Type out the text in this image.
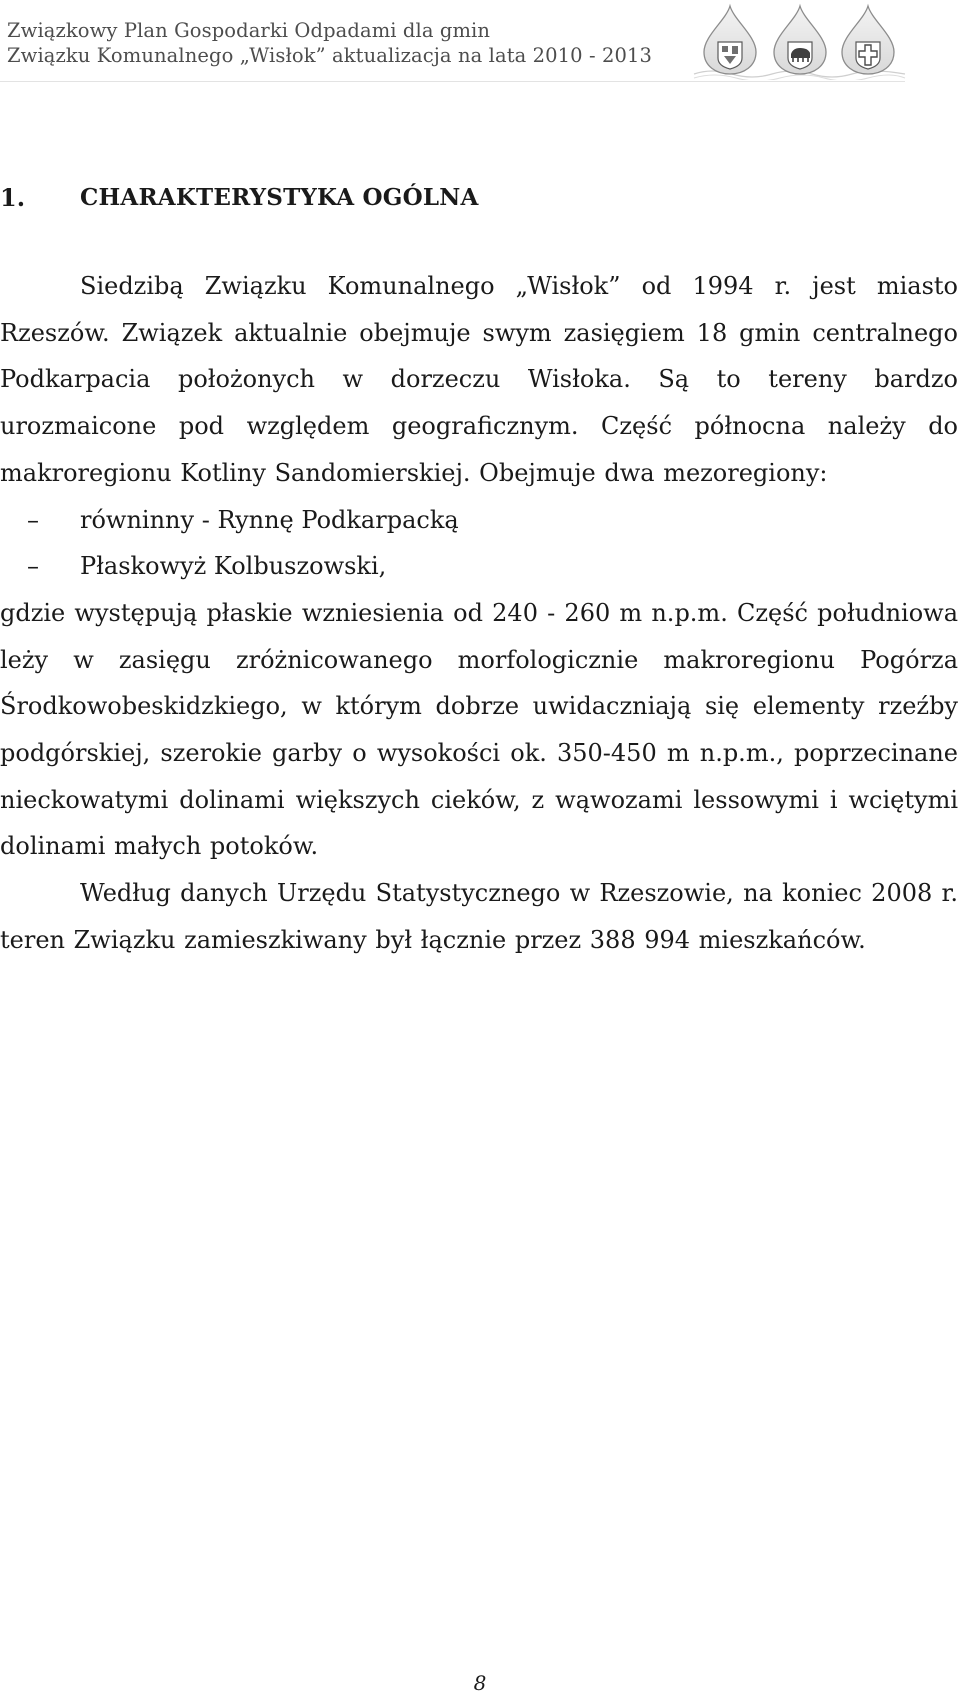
Związkowy Plan Gospodarki Odpadami dla gmin
Związku Komunalnego „Wisłok” aktualizacja na lata 2010 - 2013
1.	CHARAKTERYSTYKA OGÓLNA

Siedzibą Związku Komunalnego „Wisłok” od 1994 r. jest miasto Rzeszów. Związek aktualnie obejmuje swym zasięgiem 18 gmin centralnego Podkarpacia położonych w dorzeczu Wisłoka. Są to tereny bardzo urozmaicone pod względem geograficznym. Część północna należy do makroregionu Kotliny Sandomierskiej. Obejmuje dwa mezoregiony:

–	równinny - Rynnę Podkarpacką
–	Płaskowyż Kolbuszowski,

gdzie występują płaskie wzniesienia od 240 - 260 m n.p.m. Część południowa leży w zasięgu zróżnicowanego morfologicznie makroregionu Pogórza Środkowobeskidzkiego, w którym dobrze uwidaczniają się elementy rzeźby podgórskiej, szerokie garby o wysokości ok. 350-450 m n.p.m., poprzecinane nieckowatymi dolinami większych cieków, z wąwozami lessowymi i wciętymi dolinami małych potoków.

Według danych Urzędu Statystycznego w Rzeszowie, na koniec 2008 r. teren Związku zamieszkiwany był łącznie przez 388 994 mieszkańców.

8
